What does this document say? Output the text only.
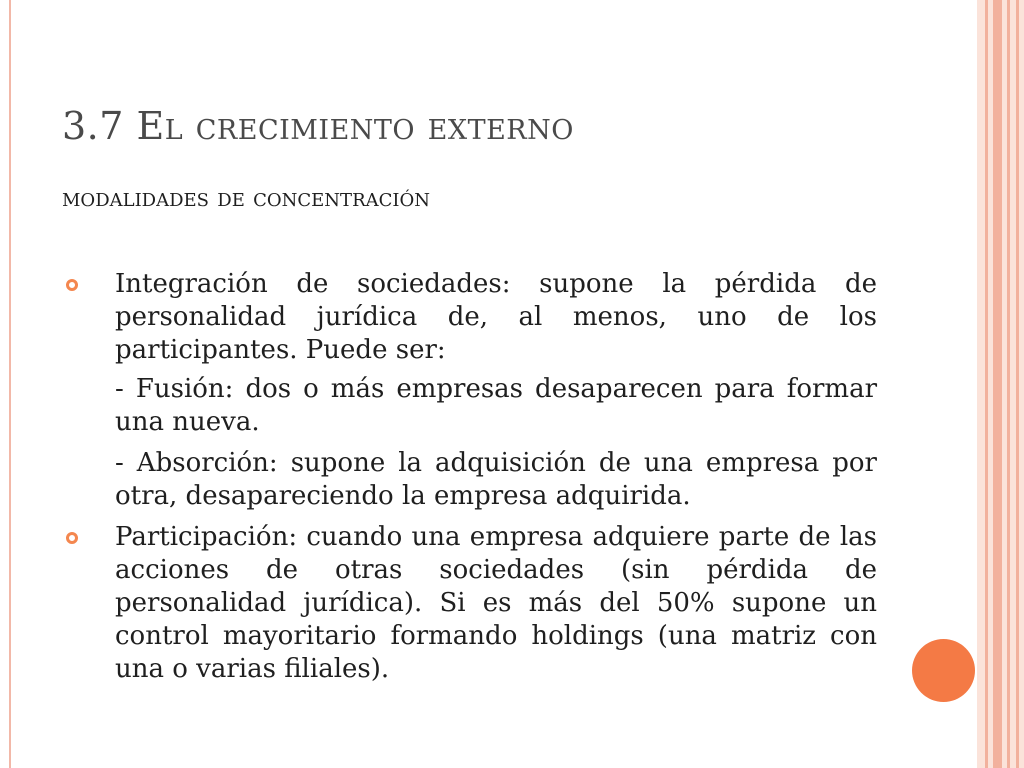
3.7 El crecimiento externo
modalidades de concentración
Integración de sociedades: supone la pérdida de personalidad jurídica de, al menos, uno de los participantes. Puede ser:
- Fusión: dos o más empresas desaparecen para formar una nueva.
- Absorción: supone la adquisición de una empresa por otra, desapareciendo la empresa adquirida.
Participación: cuando una empresa adquiere parte de las acciones de otras sociedades (sin pérdida de personalidad jurídica). Si es más del 50% supone un control mayoritario formando holdings (una matriz con una o varias filiales).
